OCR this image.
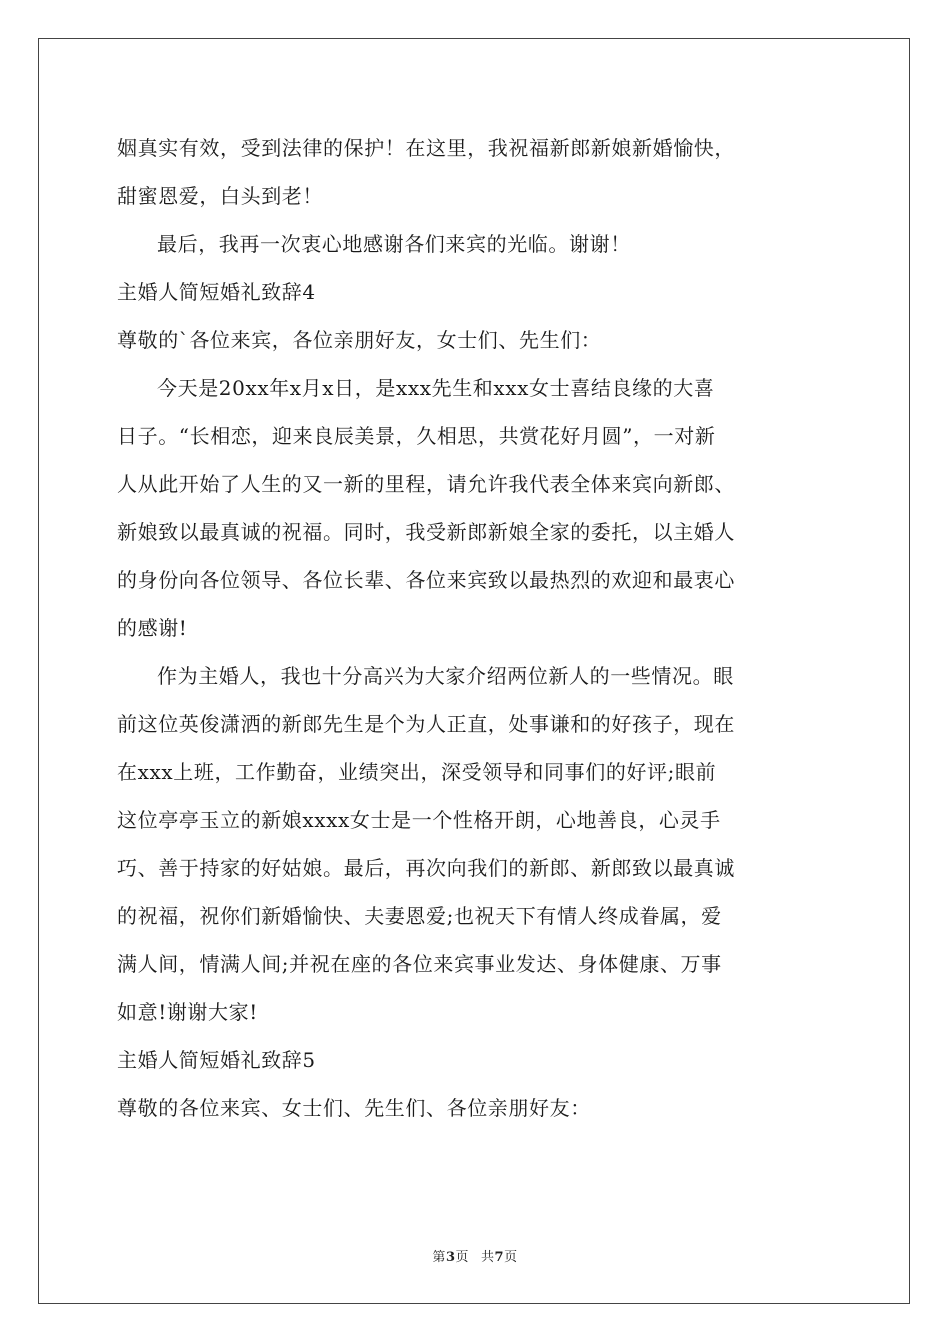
姻真实有效，受到法律的保护！在这里，我祝福新郎新娘新婚愉快，
甜蜜恩爱，白头到老！
最后，我再一次衷心地感谢各们来宾的光临。谢谢！
主婚人简短婚礼致辞4
尊敬的`各位来宾，各位亲朋好友，女士们、先生们：
今天是20xx年x月x日，是xxx先生和xxx女士喜结良缘的大喜
日子。“长相恋，迎来良辰美景，久相思，共赏花好月圆”，一对新
人从此开始了人生的又一新的里程，请允许我代表全体来宾向新郎、
新娘致以最真诚的祝福。同时，我受新郎新娘全家的委托，以主婚人
的身份向各位领导、各位长辈、各位来宾致以最热烈的欢迎和最衷心
的感谢!
作为主婚人，我也十分高兴为大家介绍两位新人的一些情况。眼
前这位英俊潇洒的新郎先生是个为人正直，处事谦和的好孩子，现在
在xxx上班，工作勤奋，业绩突出，深受领导和同事们的好评;眼前
这位亭亭玉立的新娘xxxx女士是一个性格开朗，心地善良，心灵手
巧、善于持家的好姑娘。最后，再次向我们的新郎、新郎致以最真诚
的祝福，祝你们新婚愉快、夫妻恩爱;也祝天下有情人终成眷属，爱
满人间，情满人间;并祝在座的各位来宾事业发达、身体健康、万事
如意!谢谢大家!
主婚人简短婚礼致辞5
尊敬的各位来宾、女士们、先生们、各位亲朋好友：
第3页 共7页
